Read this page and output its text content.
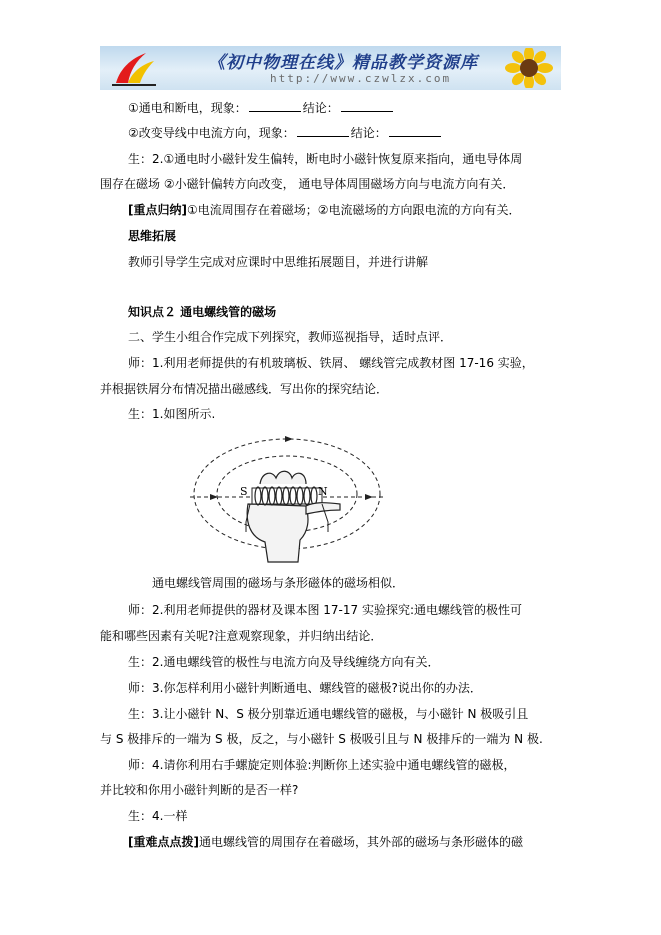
《初中物理在线》精品教学资源库
http://www.czwlzx.com
①通电和断电，现象：	结论：
②改变导线中电流方向，现象：	结论：
生：2.①通电时小磁针发生偏转，断电时小磁针恢复原来指向，通电导体周
围存在磁场 ②小磁针偏转方向改变， 通电导体周围磁场方向与电流方向有关．
[重点归纳]①电流周围存在着磁场；②电流磁场的方向跟电流的方向有关．
思维拓展
教师引导学生完成对应课时中思维拓展题目，并进行讲解
知识点２ 通电螺线管的磁场
二、学生小组合作完成下列探究，教师巡视指导，适时点评．
师：1.利用老师提供的有机玻璃板、铁屑、 螺线管完成教材图 17-16 实验，
并根据铁屑分布情况描出磁感线．写出你的探究结论．
生：1.如图所示.
S	N
通电螺线管周围的磁场与条形磁体的磁场相似．
师：2.利用老师提供的器材及课本图 17-17 实验探究:通电螺线管的极性可
能和哪些因素有关呢?注意观察现象，并归纳出结论．
生：2.通电螺线管的极性与电流方向及导线缠绕方向有关．
师：3.你怎样利用小磁针判断通电、螺线管的磁极?说出你的办法．
生：3.让小磁针 N、S 极分别靠近通电螺线管的磁极，与小磁针 N 极吸引且
与 S 极排斥的一端为 S 极，反之，与小磁针 S 极吸引且与 N 极排斥的一端为 N 极.
师：4.请你利用右手螺旋定则体验:判断你上述实验中通电螺线管的磁极，
并比较和你用小磁针判断的是否一样?
生：4.一样
[重难点点拨]通电螺线管的周围存在着磁场，其外部的磁场与条形磁体的磁
